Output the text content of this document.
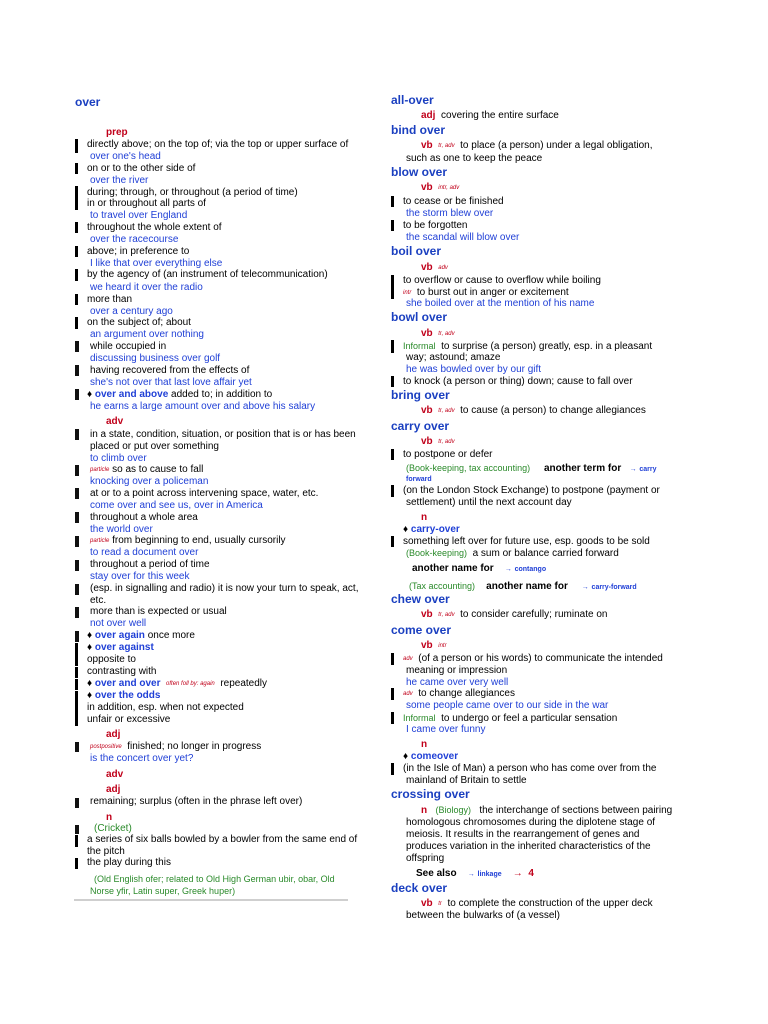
over
prep
directly above; on the top of; via the top or upper surface of
over one's head
on or to the other side of
over the river
during; through, or throughout (a period of time)
in or throughout all parts of
to travel over England
throughout the whole extent of
over the racecourse
above; in preference to
I like that over everything else
by the agency of (an instrument of telecommunication)
we heard it over the radio
more than
over a century ago
on the subject of; about
an argument over nothing
while occupied in
discussing business over golf
having recovered from the effects of
she's not over that last love affair yet
♦ over and above added to; in addition to
he earns a large amount over and above his salary
adv
in a state, condition, situation, or position that is or has been
placed or put over something
to climb over
particle so as to cause to fall
knocking over a policeman
at or to a point across intervening space, water, etc.
come over and see us, over in America
throughout a whole area
the world over
particle from beginning to end, usually cursorily
to read a document over
throughout a period of time
stay over for this week
(esp. in signalling and radio) it is now your turn to speak, act,
etc.
more than is expected or usual
not over well
♦ over again once more
♦ over against
opposite to
contrasting with
♦ over and over often foll by: again repeatedly
♦ over the odds
in addition, esp. when not expected
unfair or excessive
adj
postpositive finished; no longer in progress
is the concert over yet?
adv
adj
remaining; surplus (often in the phrase left over)
n
(Cricket)
a series of six balls bowled by a bowler from the same end of
the pitch
the play during this
(Old English ofer; related to Old High German ubir, obar, Old
Norse yfir, Latin super, Greek huper)
all-over
adj covering the entire surface
bind over
vb tr, adv to place (a person) under a legal obligation,
such as one to keep the peace
blow over
vb intr, adv
to cease or be finished
the storm blew over
to be forgotten
the scandal will blow over
boil over
vb adv
to overflow or cause to overflow while boiling
intr to burst out in anger or excitement
she boiled over at the mention of his name
bowl over
vb tr, adv
Informal to surprise (a person) greatly, esp. in a pleasant
way; astound; amaze
he was bowled over by our gift
to knock (a person or thing) down; cause to fall over
bring over
vb tr, adv to cause (a person) to change allegiances
carry over
vb tr, adv
to postpone or defer
(Book-keeping, tax accounting) another term for → carry
forward
(on the London Stock Exchange) to postpone (payment or
settlement) until the next account day
n
♦ carry-over
something left over for future use, esp. goods to be sold
(Book-keeping) a sum or balance carried forward
another name for → contango
(Tax accounting) another name for → carry-forward
chew over
vb tr, adv to consider carefully; ruminate on
come over
vb intr
adv (of a person or his words) to communicate the intended
meaning or impression
he came over very well
adv to change allegiances
some people came over to our side in the war
Informal to undergo or feel a particular sensation
I came over funny
n
♦ comeover
(in the Isle of Man) a person who has come over from the
mainland of Britain to settle
crossing over
n (Biology) the interchange of sections between pairing
homologous chromosomes during the diplotene stage of
meiosis. It results in the rearrangement of genes and
produces variation in the inherited characteristics of the
offspring
See also → linkage → 4
deck over
vb tr to complete the construction of the upper deck
between the bulwarks of (a vessel)
